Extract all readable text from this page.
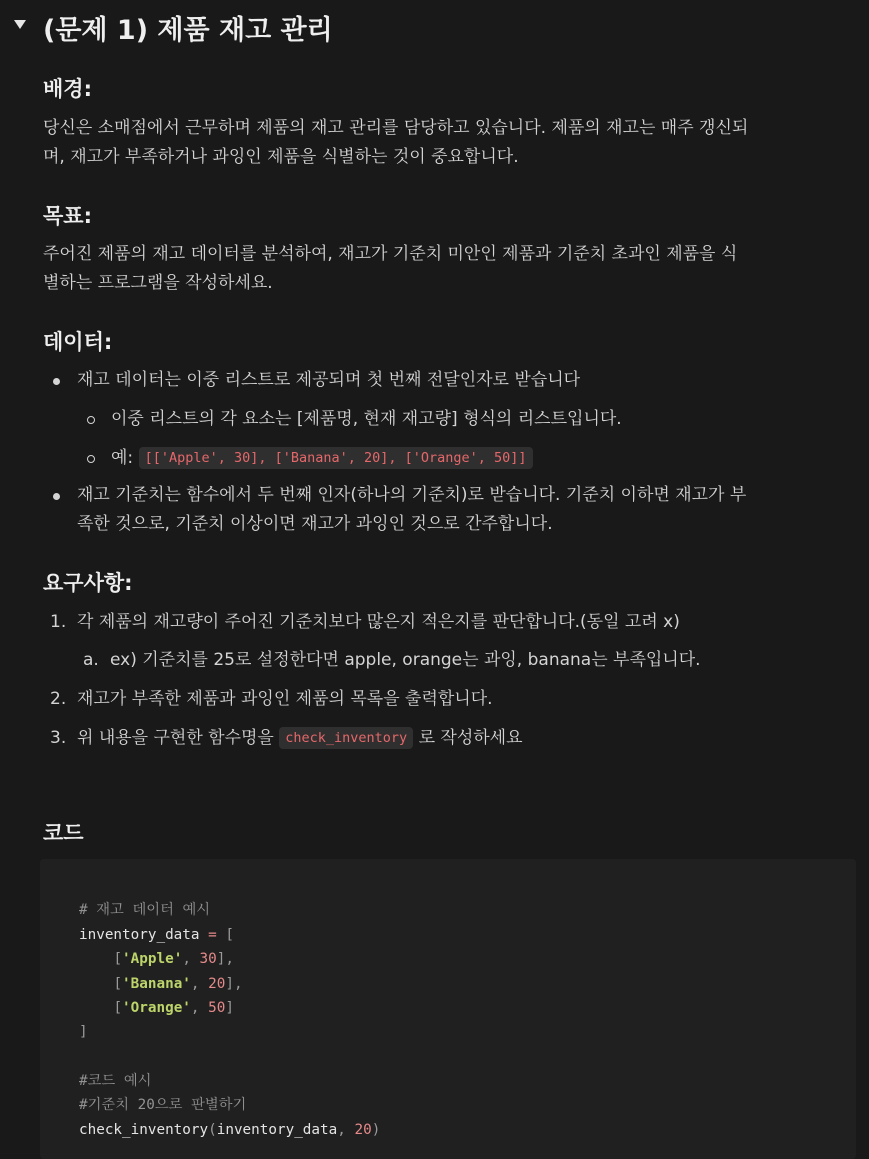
(문제 1) 제품 재고 관리
배경:
당신은 소매점에서 근무하며 제품의 재고 관리를 담당하고 있습니다. 제품의 재고는 매주 갱신되
며, 재고가 부족하거나 과잉인 제품을 식별하는 것이 중요합니다.
목표:
주어진 제품의 재고 데이터를 분석하여, 재고가 기준치 미안인 제품과 기준치 초과인 제품을 식
별하는 프로그램을 작성하세요.
데이터:
재고 데이터는 이중 리스트로 제공되며 첫 번째 전달인자로 받습니다
이중 리스트의 각 요소는 [제품명, 현재 재고량] 형식의 리스트입니다.
예: [['Apple', 30], ['Banana', 20], ['Orange', 50]]
재고 기준치는 함수에서 두 번째 인자(하나의 기준치)로 받습니다. 기준치 이하면 재고가 부
족한 것으로, 기준치 이상이면 재고가 과잉인 것으로 간주합니다.
요구사항:
1. 각 제품의 재고량이 주어진 기준치보다 많은지 적은지를 판단합니다.(동일 고려 x)
a. ex) 기준치를 25로 설정한다면 apple, orange는 과잉, banana는 부족입니다.
2. 재고가 부족한 제품과 과잉인 제품의 목록을 출력합니다.
3. 위 내용을 구현한 함수명을 check_inventory 로 작성하세요
코드
# 재고 데이터 예시
inventory_data = [
['Apple', 30],
['Banana', 20],
['Orange', 50]
]
#코드 예시
#기준치 20으로 판별하기
check_inventory(inventory_data, 20)
